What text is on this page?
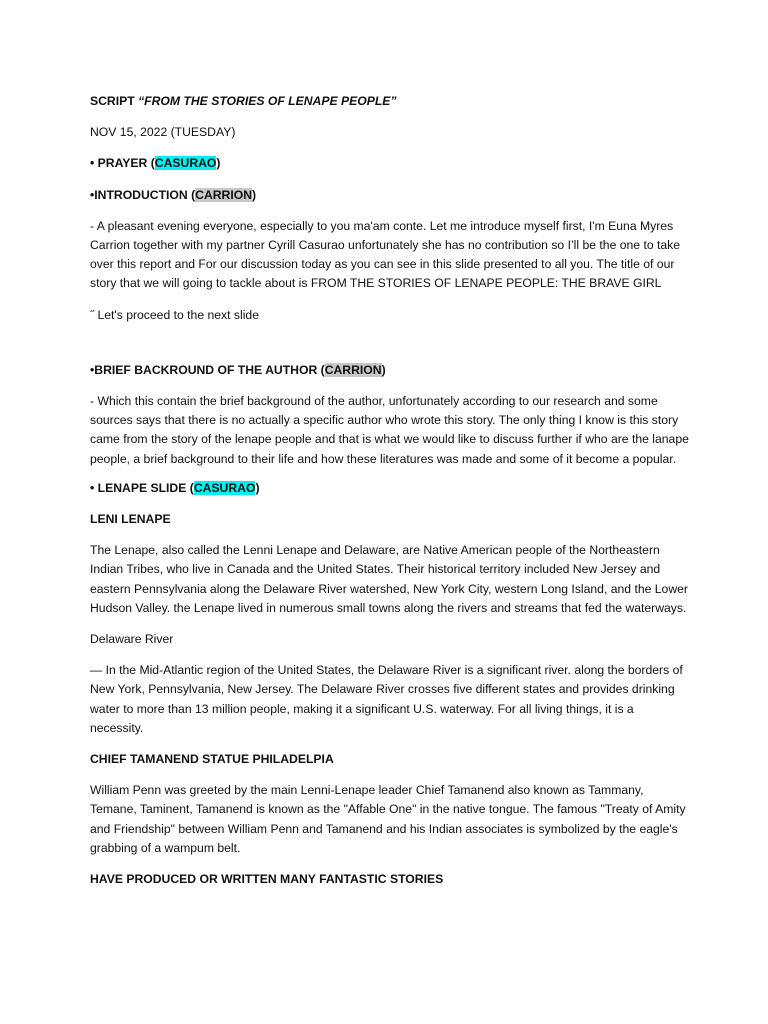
SCRIPT “FROM THE STORIES OF LENAPE PEOPLE”

NOV 15, 2022 (TUESDAY)

• PRAYER (CASURAO)

•INTRODUCTION (CARRION)

- A pleasant evening everyone, especially to you ma'am conte. Let me introduce myself first, I'm Euna Myres Carrion together with my partner Cyrill Casurao unfortunately she has no contribution so I’ll be the one to take over this report and For our discussion today as you can see in this slide presented to all you. The title of our story that we will going to tackle about is FROM THE STORIES OF LENAPE PEOPLE: THE BRAVE GIRL

˝ Let's proceed to the next slide

•BRIEF BACKROUND OF THE AUTHOR (CARRION)

- Which this contain the brief background of the author, unfortunately according to our research and some sources says that there is no actually a specific author who wrote this story. The only thing I know is this story came from the story of the lenape people and that is what we would like to discuss further if who are the lanape people, a brief background to their life and how these literatures was made and some of it become a popular.

• LENAPE SLIDE (CASURAO)

LENI LENAPE

The Lenape, also called the Lenni Lenape and Delaware, are Native American people of the Northeastern Indian Tribes, who live in Canada and the United States. Their historical territory included New Jersey and eastern Pennsylvania along the Delaware River watershed, New York City, western Long Island, and the Lower Hudson Valley. the Lenape lived in numerous small towns along the rivers and streams that fed the waterways.

Delaware River

— In the Mid-Atlantic region of the United States, the Delaware River is a significant river. along the borders of New York, Pennsylvania, New Jersey. The Delaware River crosses five different states and provides drinking water to more than 13 million people, making it a significant U.S. waterway. For all living things, it is a necessity.

CHIEF TAMANEND STATUE PHILADELPIA

William Penn was greeted by the main Lenni-Lenape leader Chief Tamanend also known as Tammany, Temane, Taminent, Tamanend is known as the "Affable One" in the native tongue. The famous "Treaty of Amity and Friendship" between William Penn and Tamanend and his Indian associates is symbolized by the eagle's grabbing of a wampum belt.

HAVE PRODUCED OR WRITTEN MANY FANTASTIC STORIES
